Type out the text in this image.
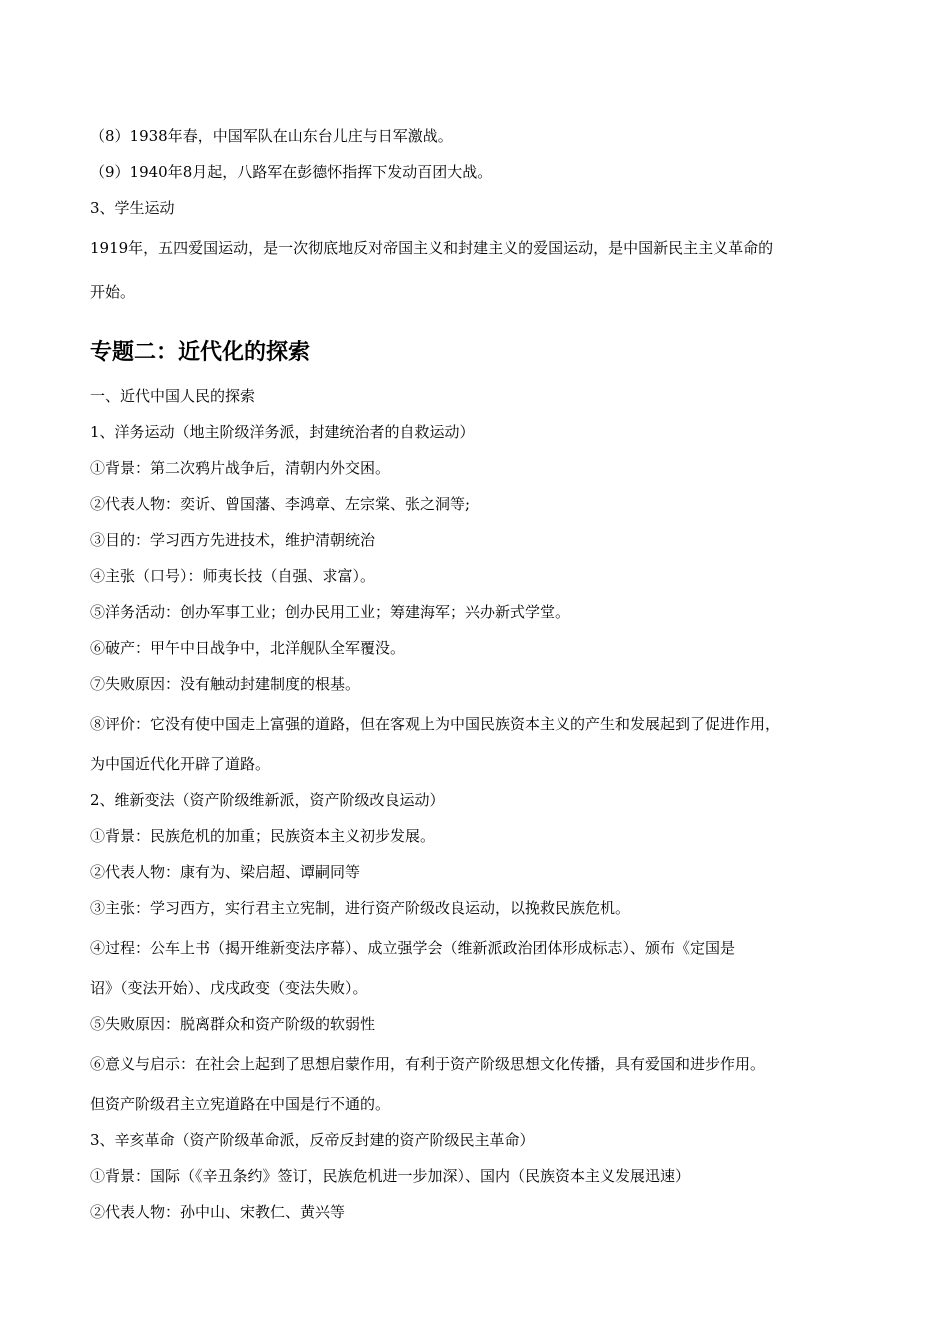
（8）1938年春，中国军队在山东台儿庄与日军激战。
（9）1940年8月起，八路军在彭德怀指挥下发动百团大战。
3、学生运动
1919年，五四爱国运动，是一次彻底地反对帝国主义和封建主义的爱国运动，是中国新民主主义革命的
开始。
专题二：近代化的探索
一、近代中国人民的探索
1、洋务运动（地主阶级洋务派，封建统治者的自救运动）
①背景：第二次鸦片战争后，清朝内外交困。
②代表人物：奕䜣、曾国藩、李鸿章、左宗棠、张之洞等;
③目的：学习西方先进技术，维护清朝统治
④主张（口号）：师夷长技（自强、求富）。
⑤洋务活动：创办军事工业；创办民用工业；筹建海军；兴办新式学堂。
⑥破产：甲午中日战争中，北洋舰队全军覆没。
⑦失败原因：没有触动封建制度的根基。
⑧评价：它没有使中国走上富强的道路，但在客观上为中国民族资本主义的产生和发展起到了促进作用，
为中国近代化开辟了道路。
2、维新变法（资产阶级维新派，资产阶级改良运动）
①背景：民族危机的加重；民族资本主义初步发展。
②代表人物：康有为、梁启超、谭嗣同等
③主张：学习西方，实行君主立宪制，进行资产阶级改良运动，以挽救民族危机。
④过程：公车上书（揭开维新变法序幕）、成立强学会（维新派政治团体形成标志）、颁布《定国是
诏》（变法开始）、戊戌政变（变法失败）。
⑤失败原因：脱离群众和资产阶级的软弱性
⑥意义与启示：在社会上起到了思想启蒙作用，有利于资产阶级思想文化传播，具有爱国和进步作用。
但资产阶级君主立宪道路在中国是行不通的。
3、辛亥革命（资产阶级革命派，反帝反封建的资产阶级民主革命）
①背景：国际（《辛丑条约》签订，民族危机进一步加深）、国内（民族资本主义发展迅速）
②代表人物：孙中山、宋教仁、黄兴等
